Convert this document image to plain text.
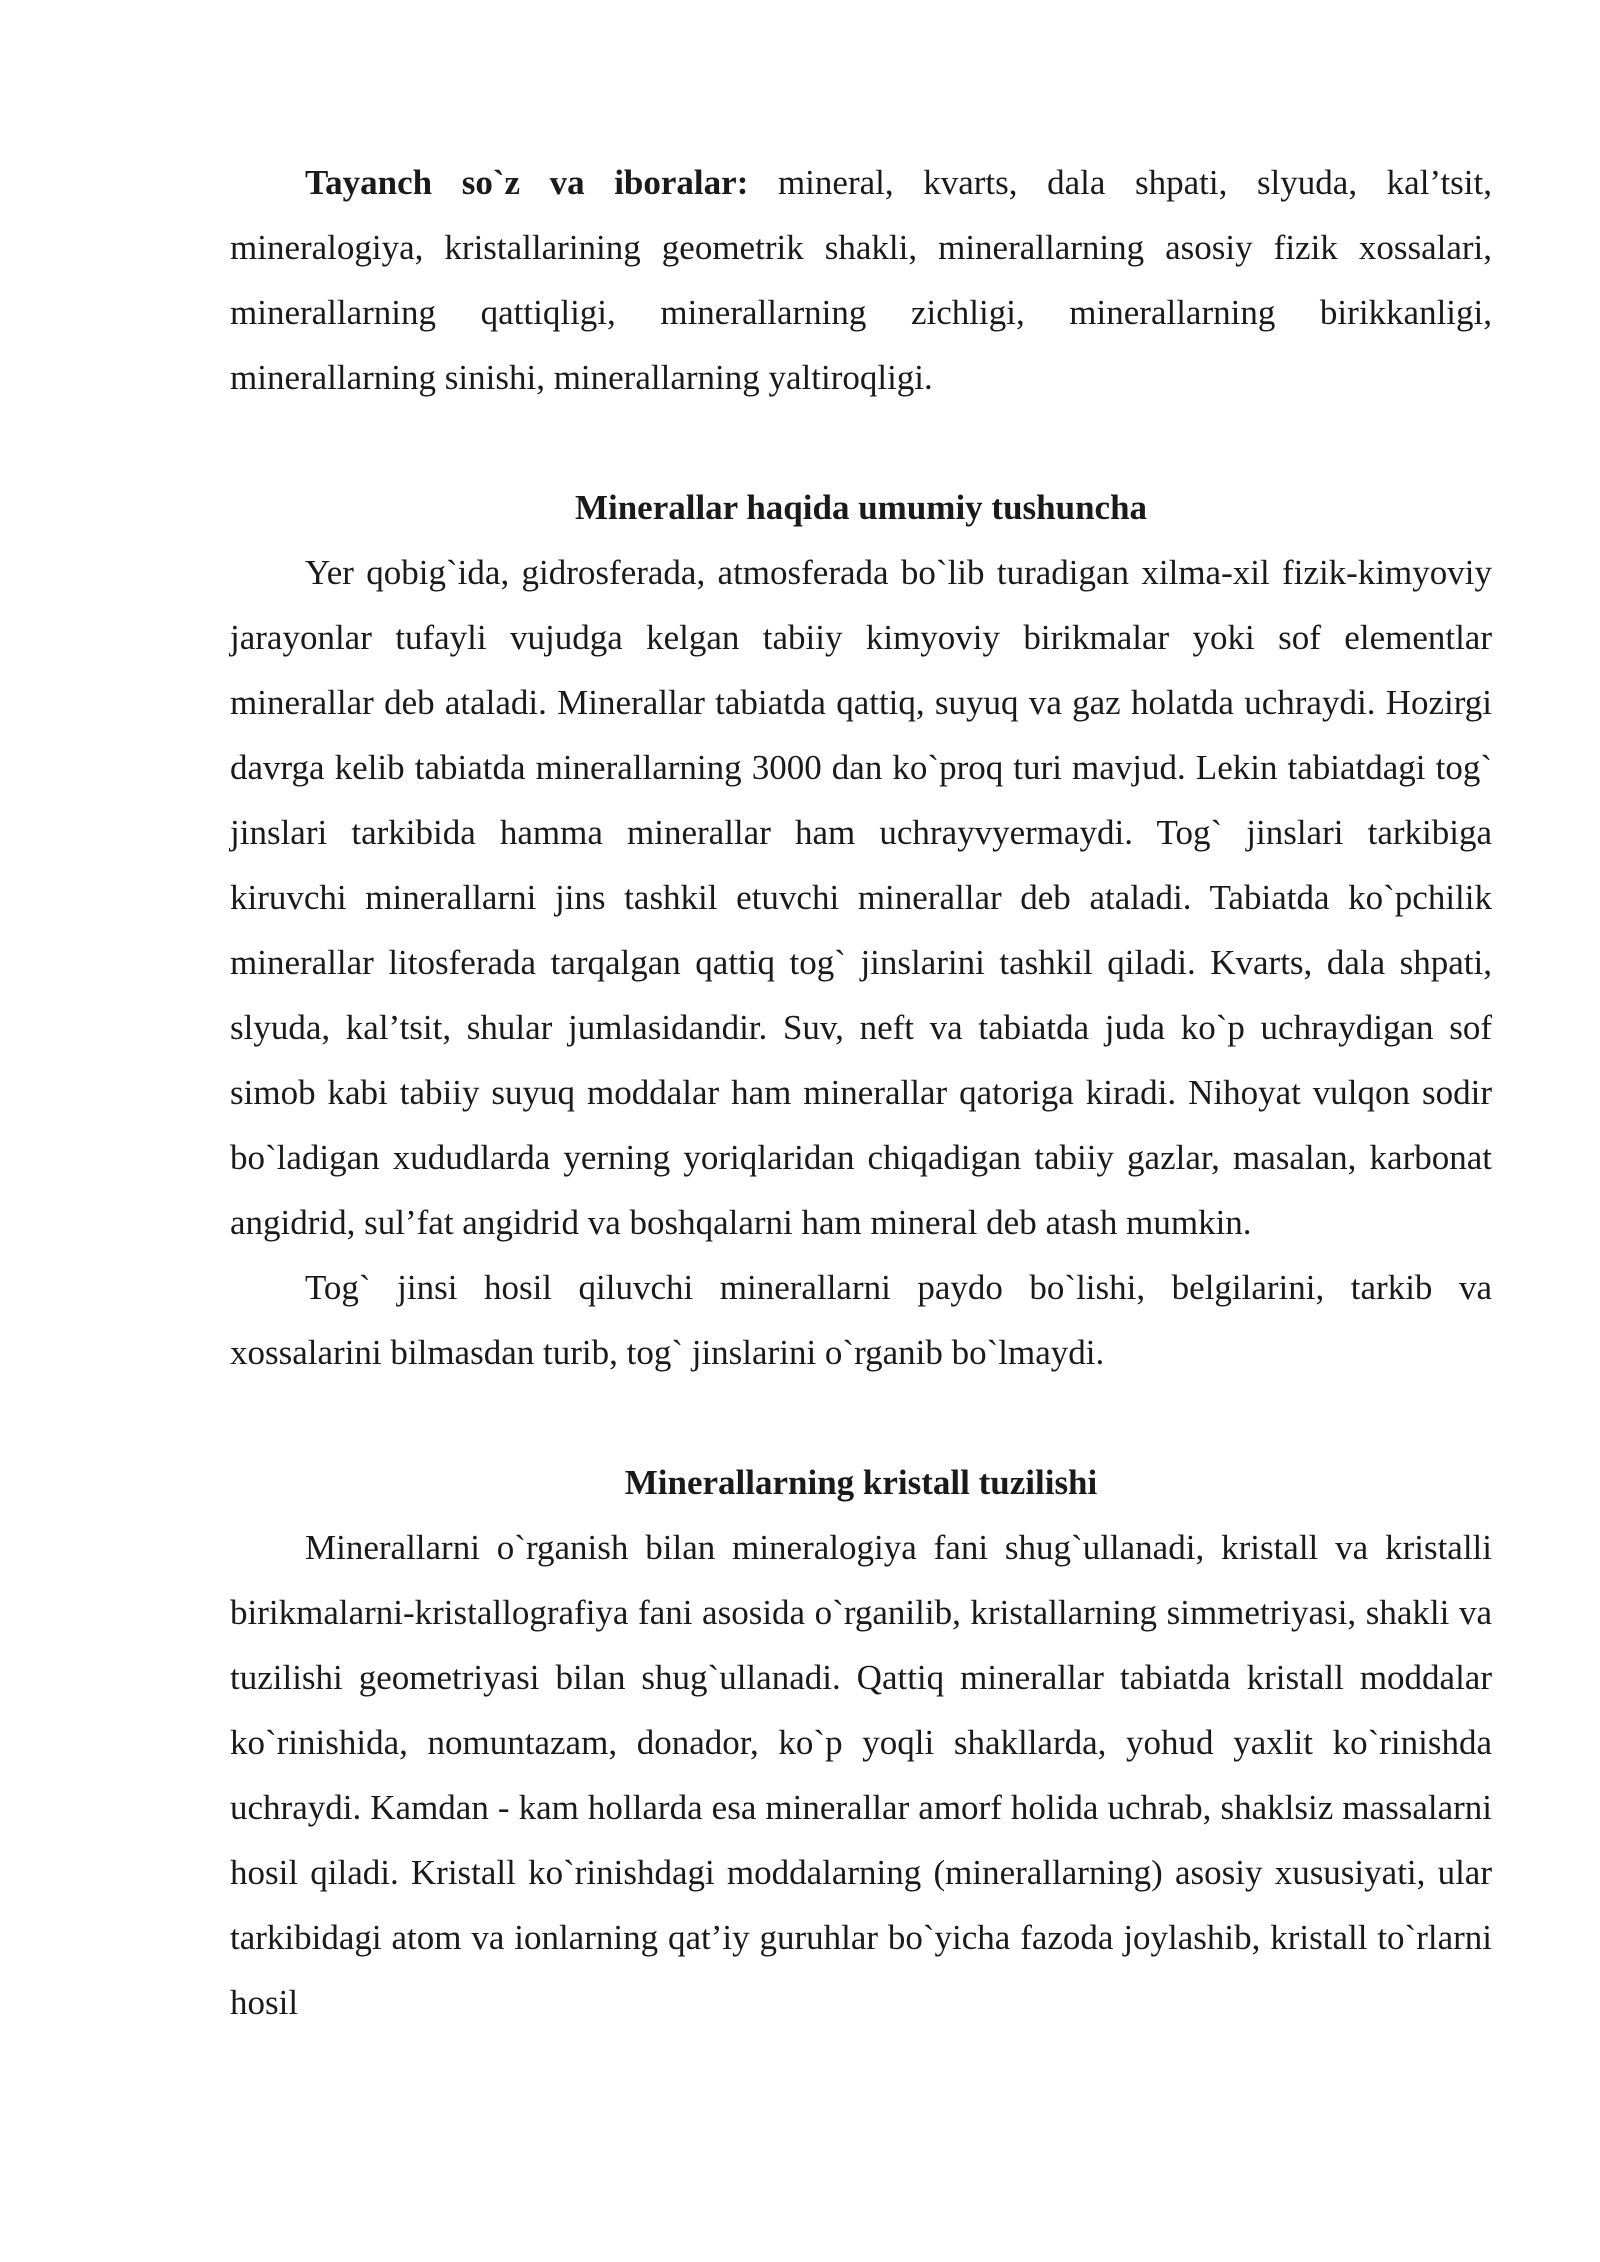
Tayanch so`z va iboralar: mineral, kvarts, dala shpati, slyuda, kal’tsit, mineralogiya, kristallarining geometrik shakli, minerallarning asosiy fizik xossalari, minerallarning qattiqligi, minerallarning zichligi, minerallarning birikkanligi, minerallarning sinishi, minerallarning yaltiroqligi.

Minerallar haqida umumiy tushuncha

Yer qobig`ida, gidrosferada, atmosferada bo`lib turadigan xilma-xil fizik-kimyoviy jarayonlar tufayli vujudga kelgan tabiiy kimyoviy birikmalar yoki sof elementlar minerallar deb ataladi. Minerallar tabiatda qattiq, suyuq va gaz holatda uchraydi. Hozirgi davrga kelib tabiatda minerallarning 3000 dan ko`proq turi mavjud. Lekin tabiatdagi tog` jinslari tarkibida hamma minerallar ham uchrayvyermaydi. Tog` jinslari tarkibiga kiruvchi minerallarni jins tashkil etuvchi minerallar deb ataladi. Tabiatda ko`pchilik minerallar litosferada tarqalgan qattiq tog` jinslarini tashkil qiladi. Kvarts, dala shpati, slyuda, kal’tsit, shular jumlasidandir. Suv, neft va tabiatda juda ko`p uchraydigan sof simob kabi tabiiy suyuq moddalar ham minerallar qatoriga kiradi. Nihoyat vulqon sodir bo`ladigan xududlarda yerning yoriqlaridan chiqadigan tabiiy gazlar, masalan, karbonat angidrid, sul’fat angidrid va boshqalarni ham mineral deb atash mumkin.

Tog` jinsi hosil qiluvchi minerallarni paydo bo`lishi, belgilarini, tarkib va xossalarini bilmasdan turib, tog` jinslarini o`rganib bo`lmaydi.

Minerallarning kristall tuzilishi

Minerallarni o`rganish bilan mineralogiya fani shug`ullanadi, kristall va kristalli birikmalarni-kristallografiya fani asosida o`rganilib, kristallarning simmetriyasi, shakli va tuzilishi geometriyasi bilan shug`ullanadi. Qattiq minerallar tabiatda kristall moddalar ko`rinishida, nomuntazam, donador, ko`p yoqli shakllarda, yohud yaxlit ko`rinishda uchraydi. Kamdan - kam hollarda esa minerallar amorf holida uchrab, shaklsiz massalarni hosil qiladi. Kristall ko`rinishdagi moddalarning (minerallarning) asosiy xususiyati, ular tarkibidagi atom va ionlarning qat’iy guruhlar bo`yicha fazoda joylashib, kristall to`rlarni hosil
